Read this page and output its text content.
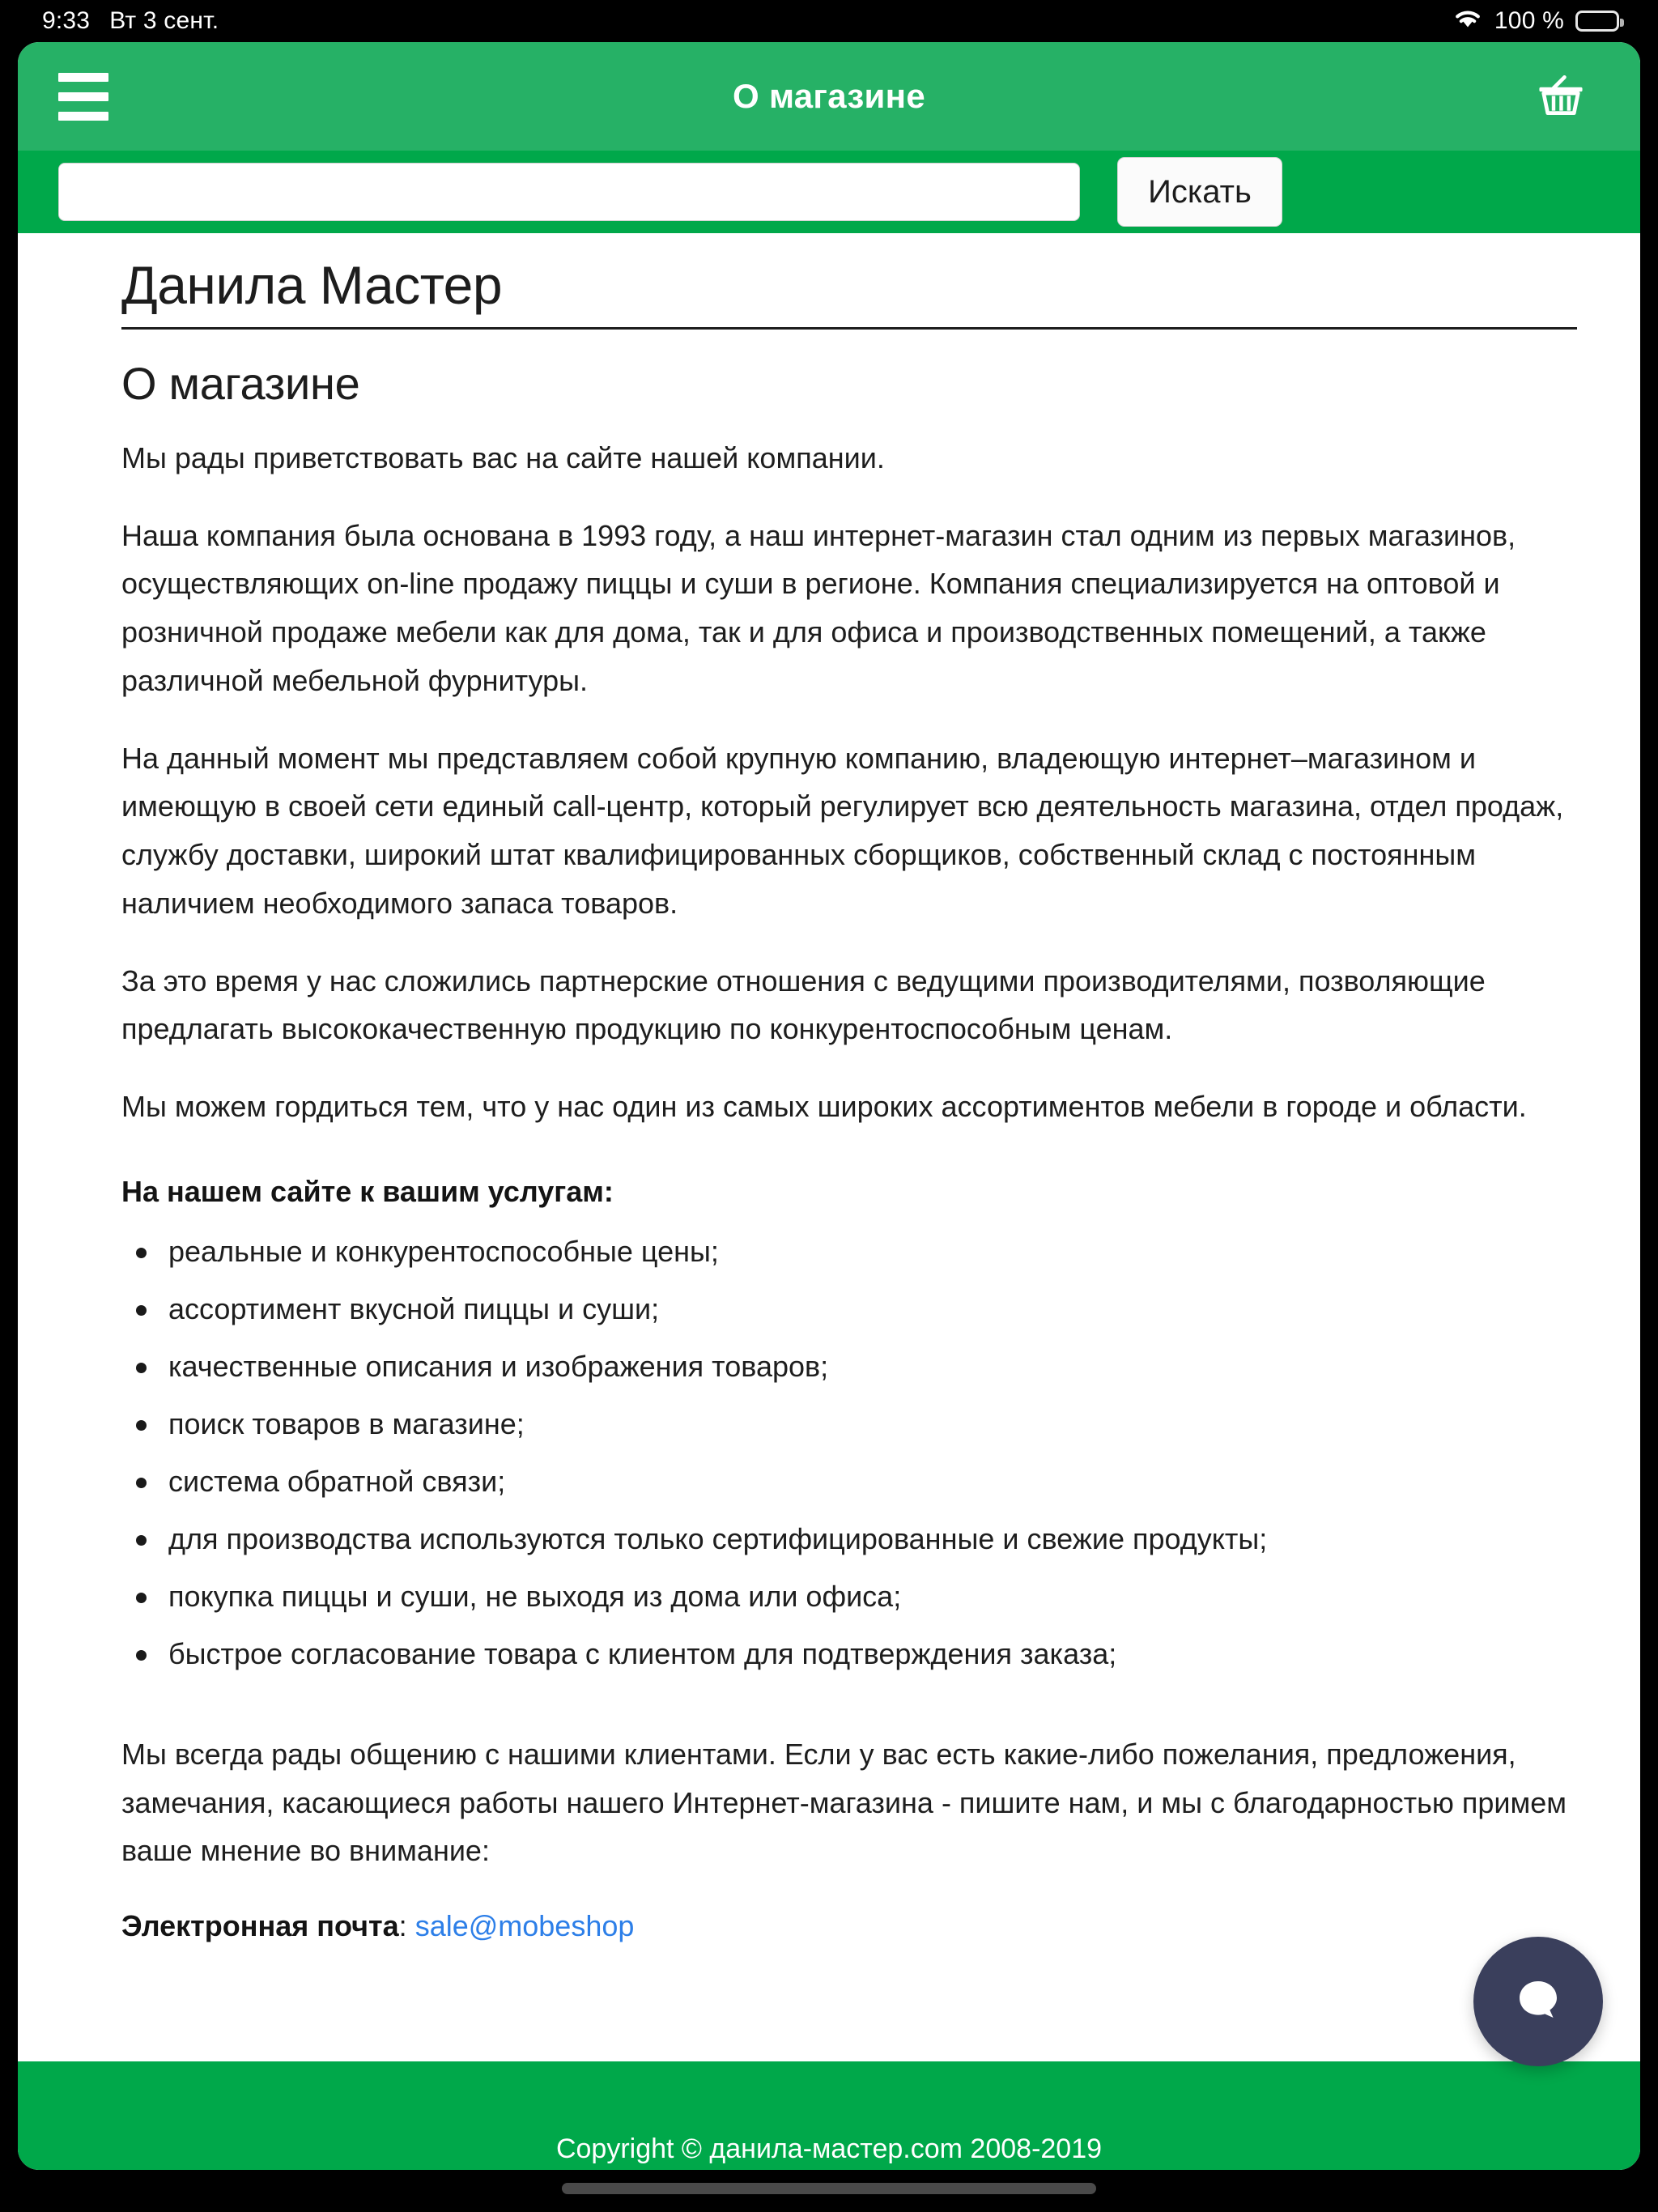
9:33 Вт 3 сент.	100 %
О магазине
Искать
Данила Мастер
О магазине

Мы рады приветствовать вас на сайте нашей компании.

Наша компания была основана в 1993 году, а наш интернет-магазин стал одним из первых магазинов, осуществляющих on-line продажу пиццы и суши в регионе. Компания специализируется на оптовой и розничной продаже мебели как для дома, так и для офиса и производственных помещений, а также различной мебельной фурнитуры.

На данный момент мы представляем собой крупную компанию, владеющую интернет–магазином и имеющую в своей сети единый call-центр, который регулирует всю деятельность магазина, отдел продаж, службу доставки, широкий штат квалифицированных сборщиков, собственный склад с постоянным наличием необходимого запаса товаров.

За это время у нас сложились партнерские отношения с ведущими производителями, позволяющие предлагать высококачественную продукцию по конкурентоспособным ценам.

Мы можем гордиться тем, что у нас один из самых широких ассортиментов мебели в городе и области.

На нашем сайте к вашим услугам:

реальные и конкурентоспособные цены;
ассортимент вкусной пиццы и суши;
качественные описания и изображения товаров;
поиск товаров в магазине;
система обратной связи;
для производства используются только сертифицированные и свежие продукты;
покупка пиццы и суши, не выходя из дома или офиса;
быстрое согласование товара с клиентом для подтверждения заказа;

Мы всегда рады общению с нашими клиентами. Если у вас есть какие-либо пожелания, предложения, замечания, касающиеся работы нашего Интернет-магазина - пишите нам, и мы с благодарностью примем ваше мнение во внимание:

Электронная почта: sale@mobeshop

Copyright © данила-мастер.com 2008-2019
